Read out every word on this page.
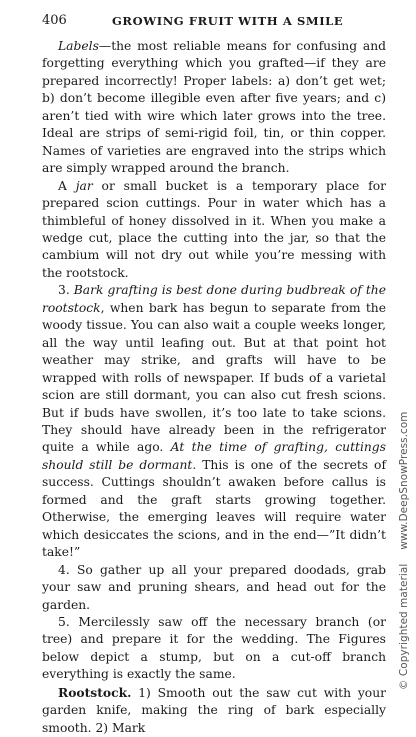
406	GROWING FRUIT WITH A SMILE

Labels—the most reliable means for confusing and forgetting everything which you grafted—if they are prepared incorrectly! Proper labels: a) don’t get wet; b) don’t become illegible even after five years; and c) aren’t tied with wire which later grows into the tree. Ideal are strips of semi-rigid foil, tin, or thin copper. Names of varieties are engraved into the strips which are simply wrapped around the branch.

A jar or small bucket is a temporary place for prepared scion cuttings. Pour in water which has a thimbleful of honey dissolved in it. When you make a wedge cut, place the cutting into the jar, so that the cambium will not dry out while you’re messing with the rootstock.

3. Bark grafting is best done during budbreak of the rootstock, when bark has begun to separate from the woody tissue. You can also wait a couple weeks longer, all the way until leafing out. But at that point hot weather may strike, and grafts will have to be wrapped with rolls of newspaper. If buds of a varietal scion are still dormant, you can also cut fresh scions. But if buds have swollen, it’s too late to take scions. They should have already been in the refrigerator quite a while ago. At the time of grafting, cuttings should still be dormant. This is one of the secrets of success. Cuttings shouldn’t awaken before callus is formed and the graft starts growing together. Otherwise, the emerging leaves will require water which desiccates the scions, and in the end—”It didn’t take!”

4. So gather up all your prepared doodads, grab your saw and pruning shears, and head out for the garden.

5. Mercilessly saw off the necessary branch (or tree) and prepare it for the wedding. The Figures below depict a stump, but on a cut-off branch everything is exactly the same.

Rootstock. 1) Smooth out the saw cut with your garden knife, making the ring of bark especially smooth. 2) Mark

© Copyrighted materialwww.DeepSnowPress.com
